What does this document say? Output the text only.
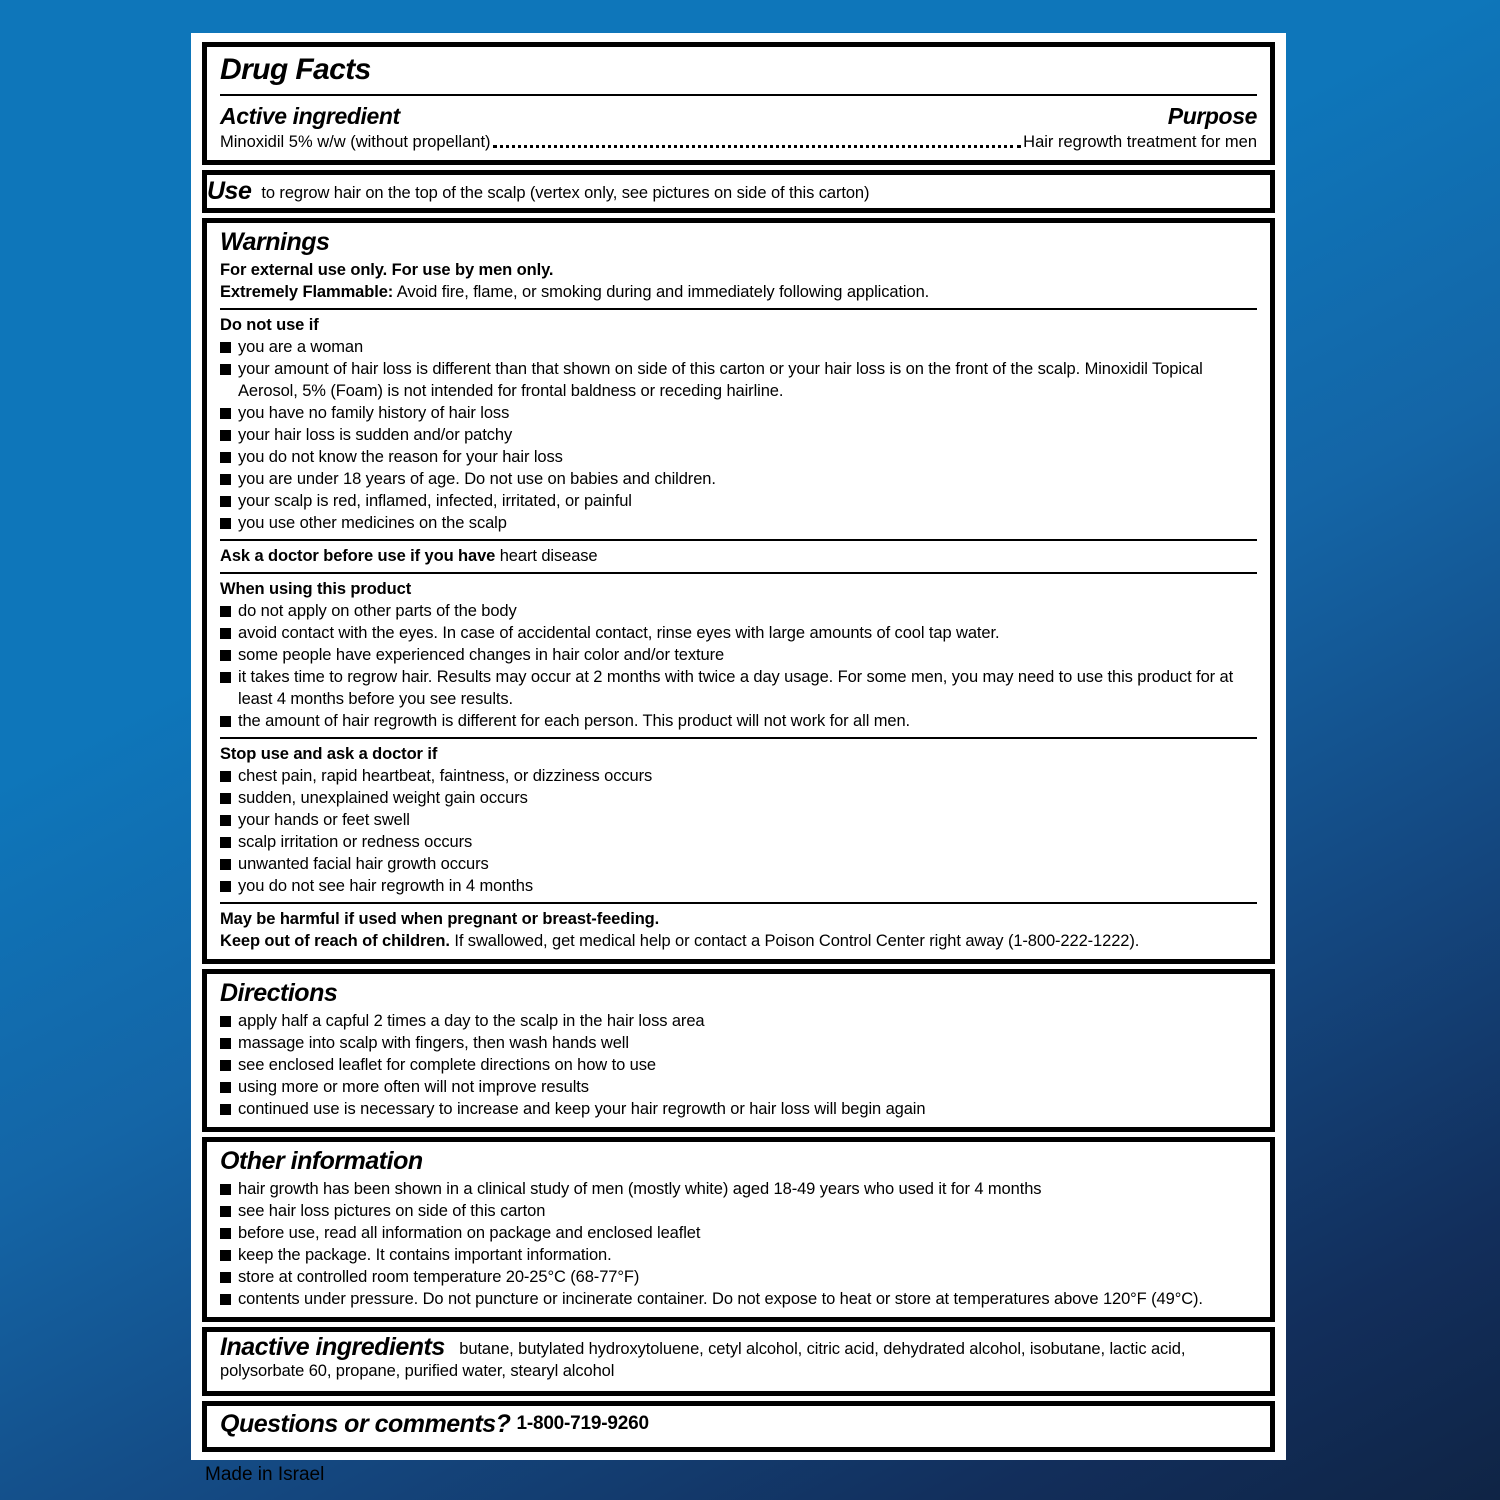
Drug Facts
Active ingredient	Purpose
Minoxidil 5% w/w (without propellant)	Hair regrowth treatment for men
Use to regrow hair on the top of the scalp (vertex only, see pictures on side of this carton)
Warnings
For external use only. For use by men only.
Extremely Flammable: Avoid fire, flame, or smoking during and immediately following application.
Do not use if
you are a woman
your amount of hair loss is different than that shown on side of this carton or your hair loss is on the front of the scalp. Minoxidil Topical Aerosol, 5% (Foam) is not intended for frontal baldness or receding hairline.
you have no family history of hair loss
your hair loss is sudden and/or patchy
you do not know the reason for your hair loss
you are under 18 years of age. Do not use on babies and children.
your scalp is red, inflamed, infected, irritated, or painful
you use other medicines on the scalp
Ask a doctor before use if you have heart disease
When using this product
do not apply on other parts of the body
avoid contact with the eyes. In case of accidental contact, rinse eyes with large amounts of cool tap water.
some people have experienced changes in hair color and/or texture
it takes time to regrow hair. Results may occur at 2 months with twice a day usage. For some men, you may need to use this product for at least 4 months before you see results.
the amount of hair regrowth is different for each person. This product will not work for all men.
Stop use and ask a doctor if
chest pain, rapid heartbeat, faintness, or dizziness occurs
sudden, unexplained weight gain occurs
your hands or feet swell
scalp irritation or redness occurs
unwanted facial hair growth occurs
you do not see hair regrowth in 4 months
May be harmful if used when pregnant or breast-feeding.
Keep out of reach of children. If swallowed, get medical help or contact a Poison Control Center right away (1-800-222-1222).
Directions
apply half a capful 2 times a day to the scalp in the hair loss area
massage into scalp with fingers, then wash hands well
see enclosed leaflet for complete directions on how to use
using more or more often will not improve results
continued use is necessary to increase and keep your hair regrowth or hair loss will begin again
Other information
hair growth has been shown in a clinical study of men (mostly white) aged 18-49 years who used it for 4 months
see hair loss pictures on side of this carton
before use, read all information on package and enclosed leaflet
keep the package. It contains important information.
store at controlled room temperature 20-25°C (68-77°F)
contents under pressure. Do not puncture or incinerate container. Do not expose to heat or store at temperatures above 120°F (49°C).
Inactive ingredients butane, butylated hydroxytoluene, cetyl alcohol, citric acid, dehydrated alcohol, isobutane, lactic acid, polysorbate 60, propane, purified water, stearyl alcohol
Questions or comments? 1-800-719-9260
Made in Israel
